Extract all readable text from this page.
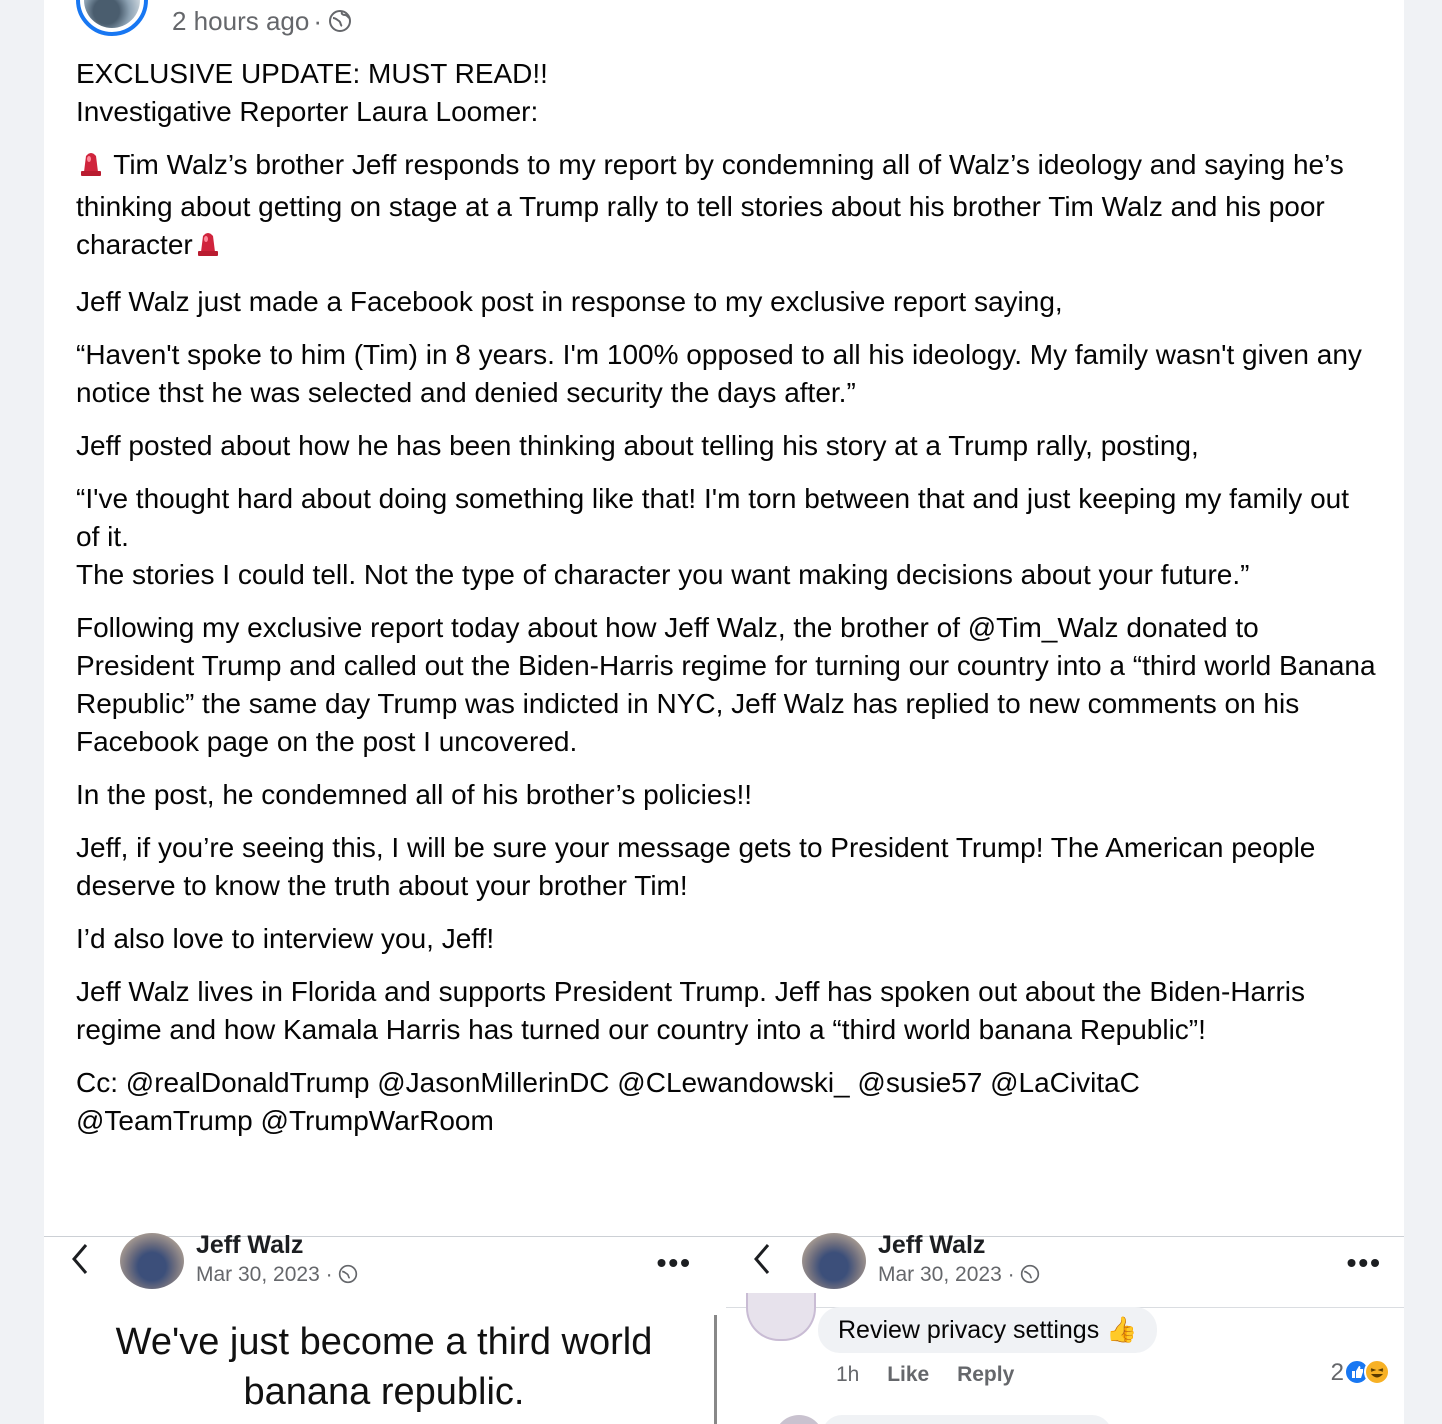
2 hours ago ·

EXCLUSIVE UPDATE: MUST READ!!
Investigative Reporter Laura Loomer:

Tim Walz’s brother Jeff responds to my report by condemning all of Walz’s ideology and saying he’s thinking about getting on stage at a Trump rally to tell stories about his brother Tim Walz and his poor character

Jeff Walz just made a Facebook post in response to my exclusive report saying,

“Haven't spoke to him (Tim) in 8 years. I'm 100% opposed to all his ideology. My family wasn't given any notice thst he was selected and denied security the days after.”

Jeff posted about how he has been thinking about telling his story at a Trump rally, posting,

“I've thought hard about doing something like that! I'm torn between that and just keeping my family out of it.
The stories I could tell. Not the type of character you want making decisions about your future.”

Following my exclusive report today about how Jeff Walz, the brother of @Tim_Walz donated to President Trump and called out the Biden-Harris regime for turning our country into a “third world Banana Republic” the same day Trump was indicted in NYC, Jeff Walz has replied to new comments on his Facebook page on the post I uncovered.

In the post, he condemned all of his brother’s policies!!

Jeff, if you’re seeing this, I will be sure your message gets to President Trump! The American people deserve to know the truth about your brother Tim!

I’d also love to interview you, Jeff!

Jeff Walz lives in Florida and supports President Trump. Jeff has spoken out about the Biden-Harris regime and how Kamala Harris has turned our country into a “third world banana Republic”!

Cc: @realDonaldTrump @JasonMillerinDC @CLewandowski_ @susie57 @LaCivitaC
@TeamTrump @TrumpWarRoom

Jeff Walz
Mar 30, 2023 ·	•••
We've just become a third world
banana republic.
Jeff Walz
Mar 30, 2023 ·	•••
Review privacy settings 👍
1h Like Reply	2
